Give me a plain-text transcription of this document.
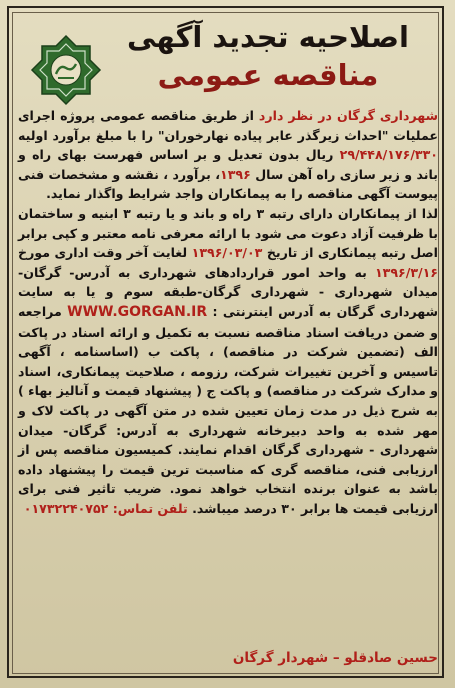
اصلاحیه تجدید آگهی
مناقصه عمومی
شهرداری گرگان در نظر دارد از طریق مناقصه عمومی پروژه اجرای عملیات "احداث زیرگذر عابر پیاده نهارخوران" را با مبلغ برآورد اولیه ۲۹/۴۴۸/۱۷۶/۳۳۰ ریال بدون تعدیل و بر اساس فهرست بهای راه و باند و زیر سازی راه آهن سال ۱۳۹۶، برآورد ، نقشه و مشخصات فنی پیوست آگهی مناقصه را به پیمانکاران واجد شرایط واگذار نماید.
لذا از پیمانکاران دارای رتبه ۳ راه و باند و یا رتبه ۳ ابنیه و ساختمان با ظرفیت آزاد دعوت می شود با ارائه معرفی نامه معتبر و کپی برابر اصل رتبه پیمانکاری از تاریخ ۱۳۹۶/۰۳/۰۳ لغایت آخر وقت اداری مورخ ۱۳۹۶/۳/۱۶ به واحد امور قراردادهای شهرداری به آدرس- گرگان- میدان شهرداری - شهرداری گرگان-طبقه سوم و یا به سایت شهرداری گرگان به آدرس اینترنتی : WWW.GORGAN.IR مراجعه و ضمن دریافت اسناد مناقصه نسبت به تکمیل و ارائه اسناد در پاکت الف (تضمین شرکت در مناقصه) ، پاکت ب (اساسنامه ، آگهی تاسیس و آخرین تغییرات شرکت، رزومه ، صلاحیت پیمانکاری، اسناد و مدارک شرکت در مناقصه) و پاکت ج ( پیشنهاد قیمت و آنالیز بهاء ) به شرح ذیل در مدت زمان تعیین شده در متن آگهی در پاکت لاک و مهر شده به واحد دبیرخانه شهرداری به آدرس: گرگان- میدان شهرداری - شهرداری گرگان اقدام نمایند. کمیسیون مناقصه پس از ارزیابی فنی، مناقصه گری که مناسبت ترین قیمت را پیشنهاد داده باشد به عنوان برنده انتخاب خواهد نمود. ضریب تاثیر فنی برای ارزیابی قیمت ها برابر ۳۰ درصد میباشد. تلفن تماس: ۰۱۷۳۲۲۴۰۷۵۲
حسین صادقلو – شهردار گرگان
